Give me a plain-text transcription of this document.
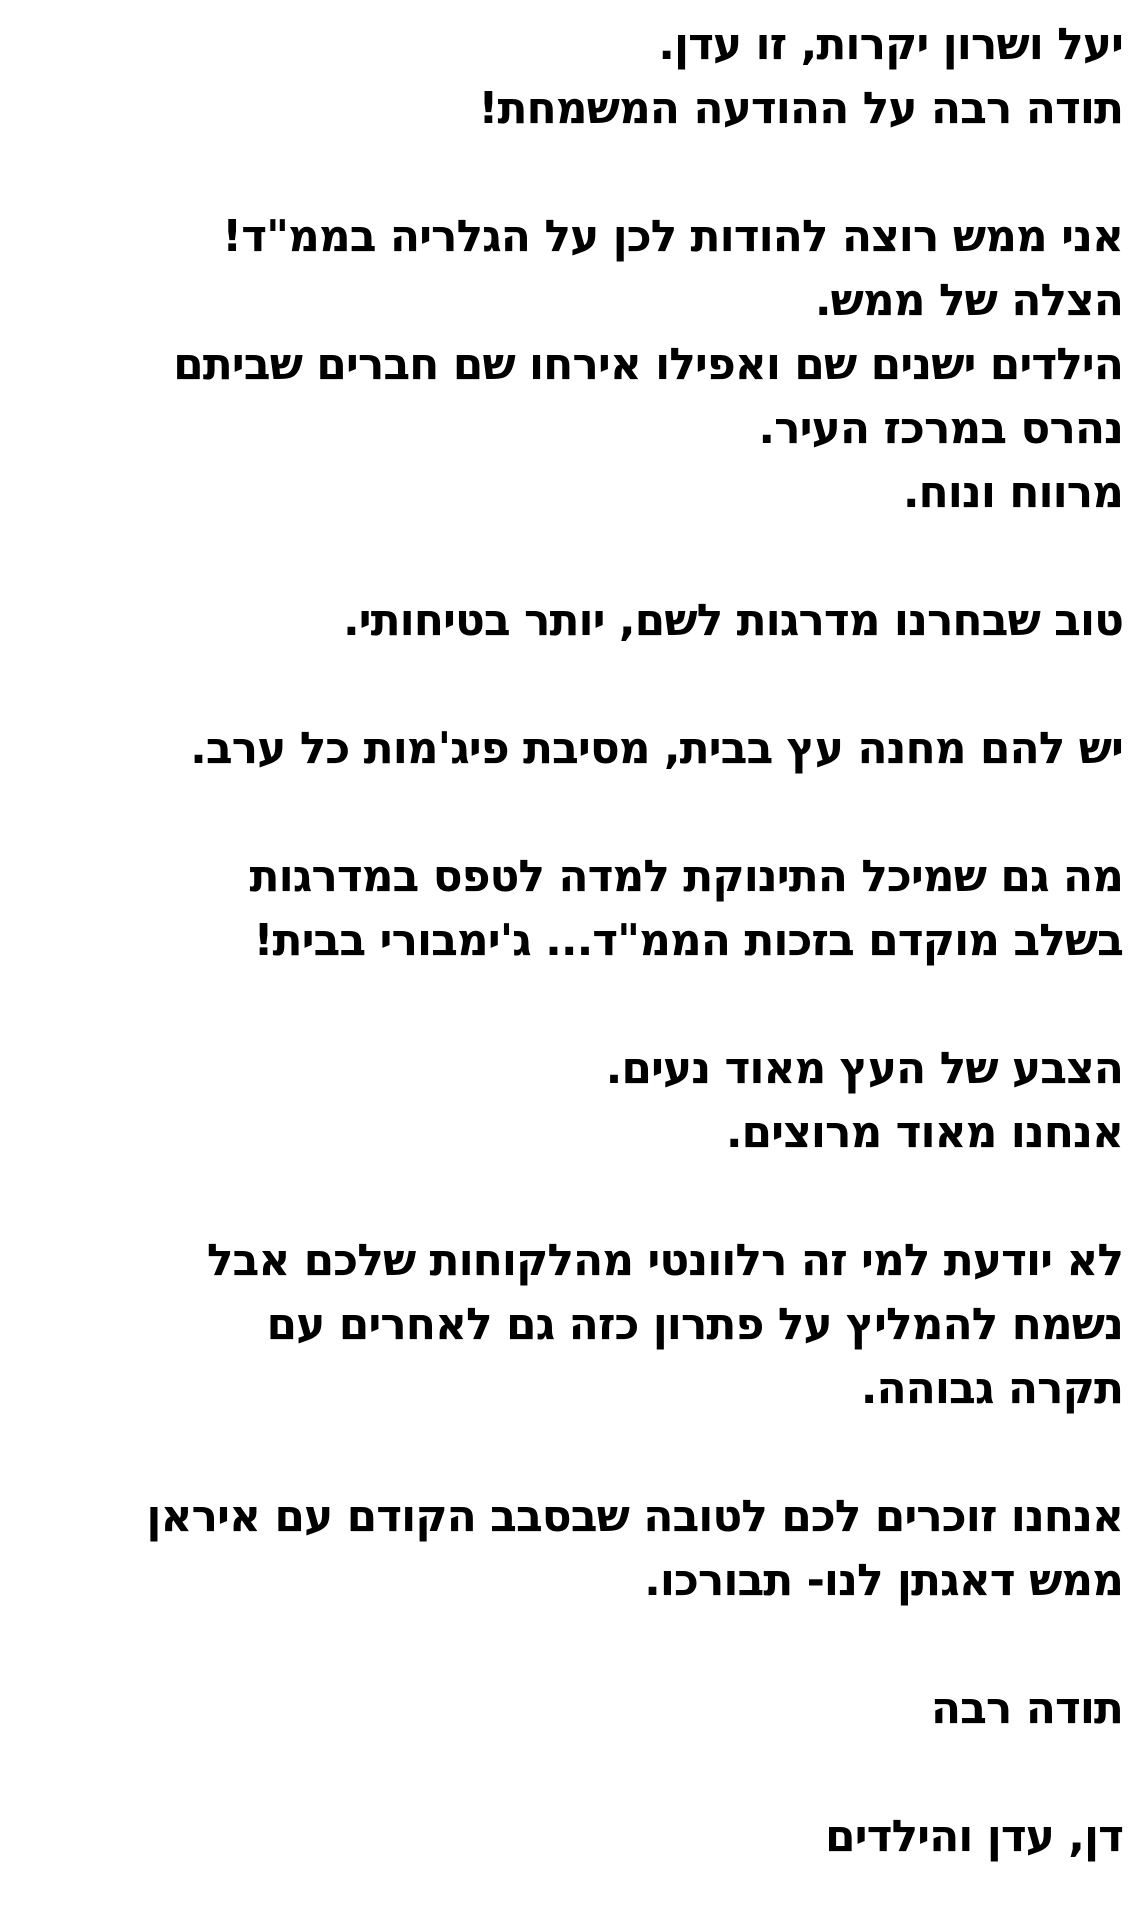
יעל ושרון יקרות, זו עדן.
תודה רבה על ההודעה המשמחת!
אני ממש רוצה להודות לכן על הגלריה בממ"ד!
הצלה של ממש.
הילדים ישנים שם ואפילו אירחו שם חברים שביתם
נהרס במרכז העיר.
מרווח ונוח.
טוב שבחרנו מדרגות לשם, יותר בטיחותי.
יש להם מחנה עץ בבית, מסיבת פיג'מות כל ערב.
מה גם שמיכל התינוקת למדה לטפס במדרגות
בשלב מוקדם בזכות הממ"ד... ג'ימבורי בבית!
הצבע של העץ מאוד נעים.
אנחנו מאוד מרוצים.
לא יודעת למי זה רלוונטי מהלקוחות שלכם אבל
נשמח להמליץ על פתרון כזה גם לאחרים עם
תקרה גבוהה.
אנחנו זוכרים לכם לטובה שבסבב הקודם עם איראן
ממש דאגתן לנו- תבורכו.
תודה רבה
דן, עדן והילדים
